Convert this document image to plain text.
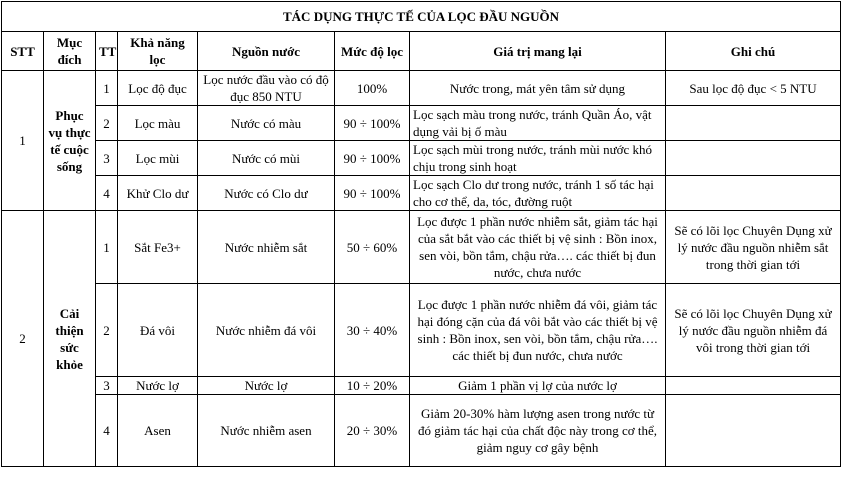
TÁC DỤNG THỰC TẾ CỦA LỌC ĐẦU NGUỒN							
STT	Mục đích	TT	Khả năng lọc	Nguồn nước	Mức độ lọc	Giá trị mang lại	Ghi chú
1	Phục vụ thực tế cuộc sống	1	Lọc độ đục	Lọc nước đầu vào có độ đục 850 NTU	100%	Nước trong, mát yên tâm sử dụng	Sau lọc độ đục < 5 NTU
		2	Lọc màu	Nước có màu	90 ÷ 100%	Lọc sạch màu trong nước, tránh Quần Áo, vật dụng vải bị ố màu	
		3	Lọc mùi	Nước có mùi	90 ÷ 100%	Lọc sạch mùi trong nước, tránh mùi nước khó chịu trong sinh hoạt	
		4	Khử Clo dư	Nước có Clo dư	90 ÷ 100%	Lọc sạch Clo dư trong nước, tránh 1 số tác hại cho cơ thể, da, tóc, đường ruột	
2	Cải thiện sức khỏe	1	Sắt Fe3+	Nước nhiễm sắt	50 ÷ 60%	Lọc được 1 phần nước nhiễm sắt, giảm tác hại của sắt bắt vào các thiết bị vệ sinh : Bồn inox, sen vòi, bồn tắm, chậu rửa…. các thiết bị đun nước, chưa nước	Sẽ có lõi lọc Chuyên Dụng xử lý nước đầu nguồn nhiễm sắt trong thời gian tới
		2	Đá vôi	Nước nhiễm đá vôi	30 ÷ 40%	Lọc được 1 phần nước nhiễm đá vôi, giảm tác hại đóng cặn của đá vôi bắt vào các thiết bị vệ sinh : Bồn inox, sen vòi, bồn tắm, chậu rửa…. các thiết bị đun nước, chưa nước	Sẽ có lõi lọc Chuyên Dụng xử lý nước đầu nguồn nhiễm đá vôi trong thời gian tới
		3	Nước lợ	Nước lợ	10 ÷ 20%	Giảm 1 phần vị lợ của nước lợ	
		4	Asen	Nước nhiễm asen	20 ÷ 30%	Giảm 20-30% hàm lượng asen trong nước từ đó giảm tác hại của chất độc này trong cơ thể, giảm nguy cơ gây bệnh	
